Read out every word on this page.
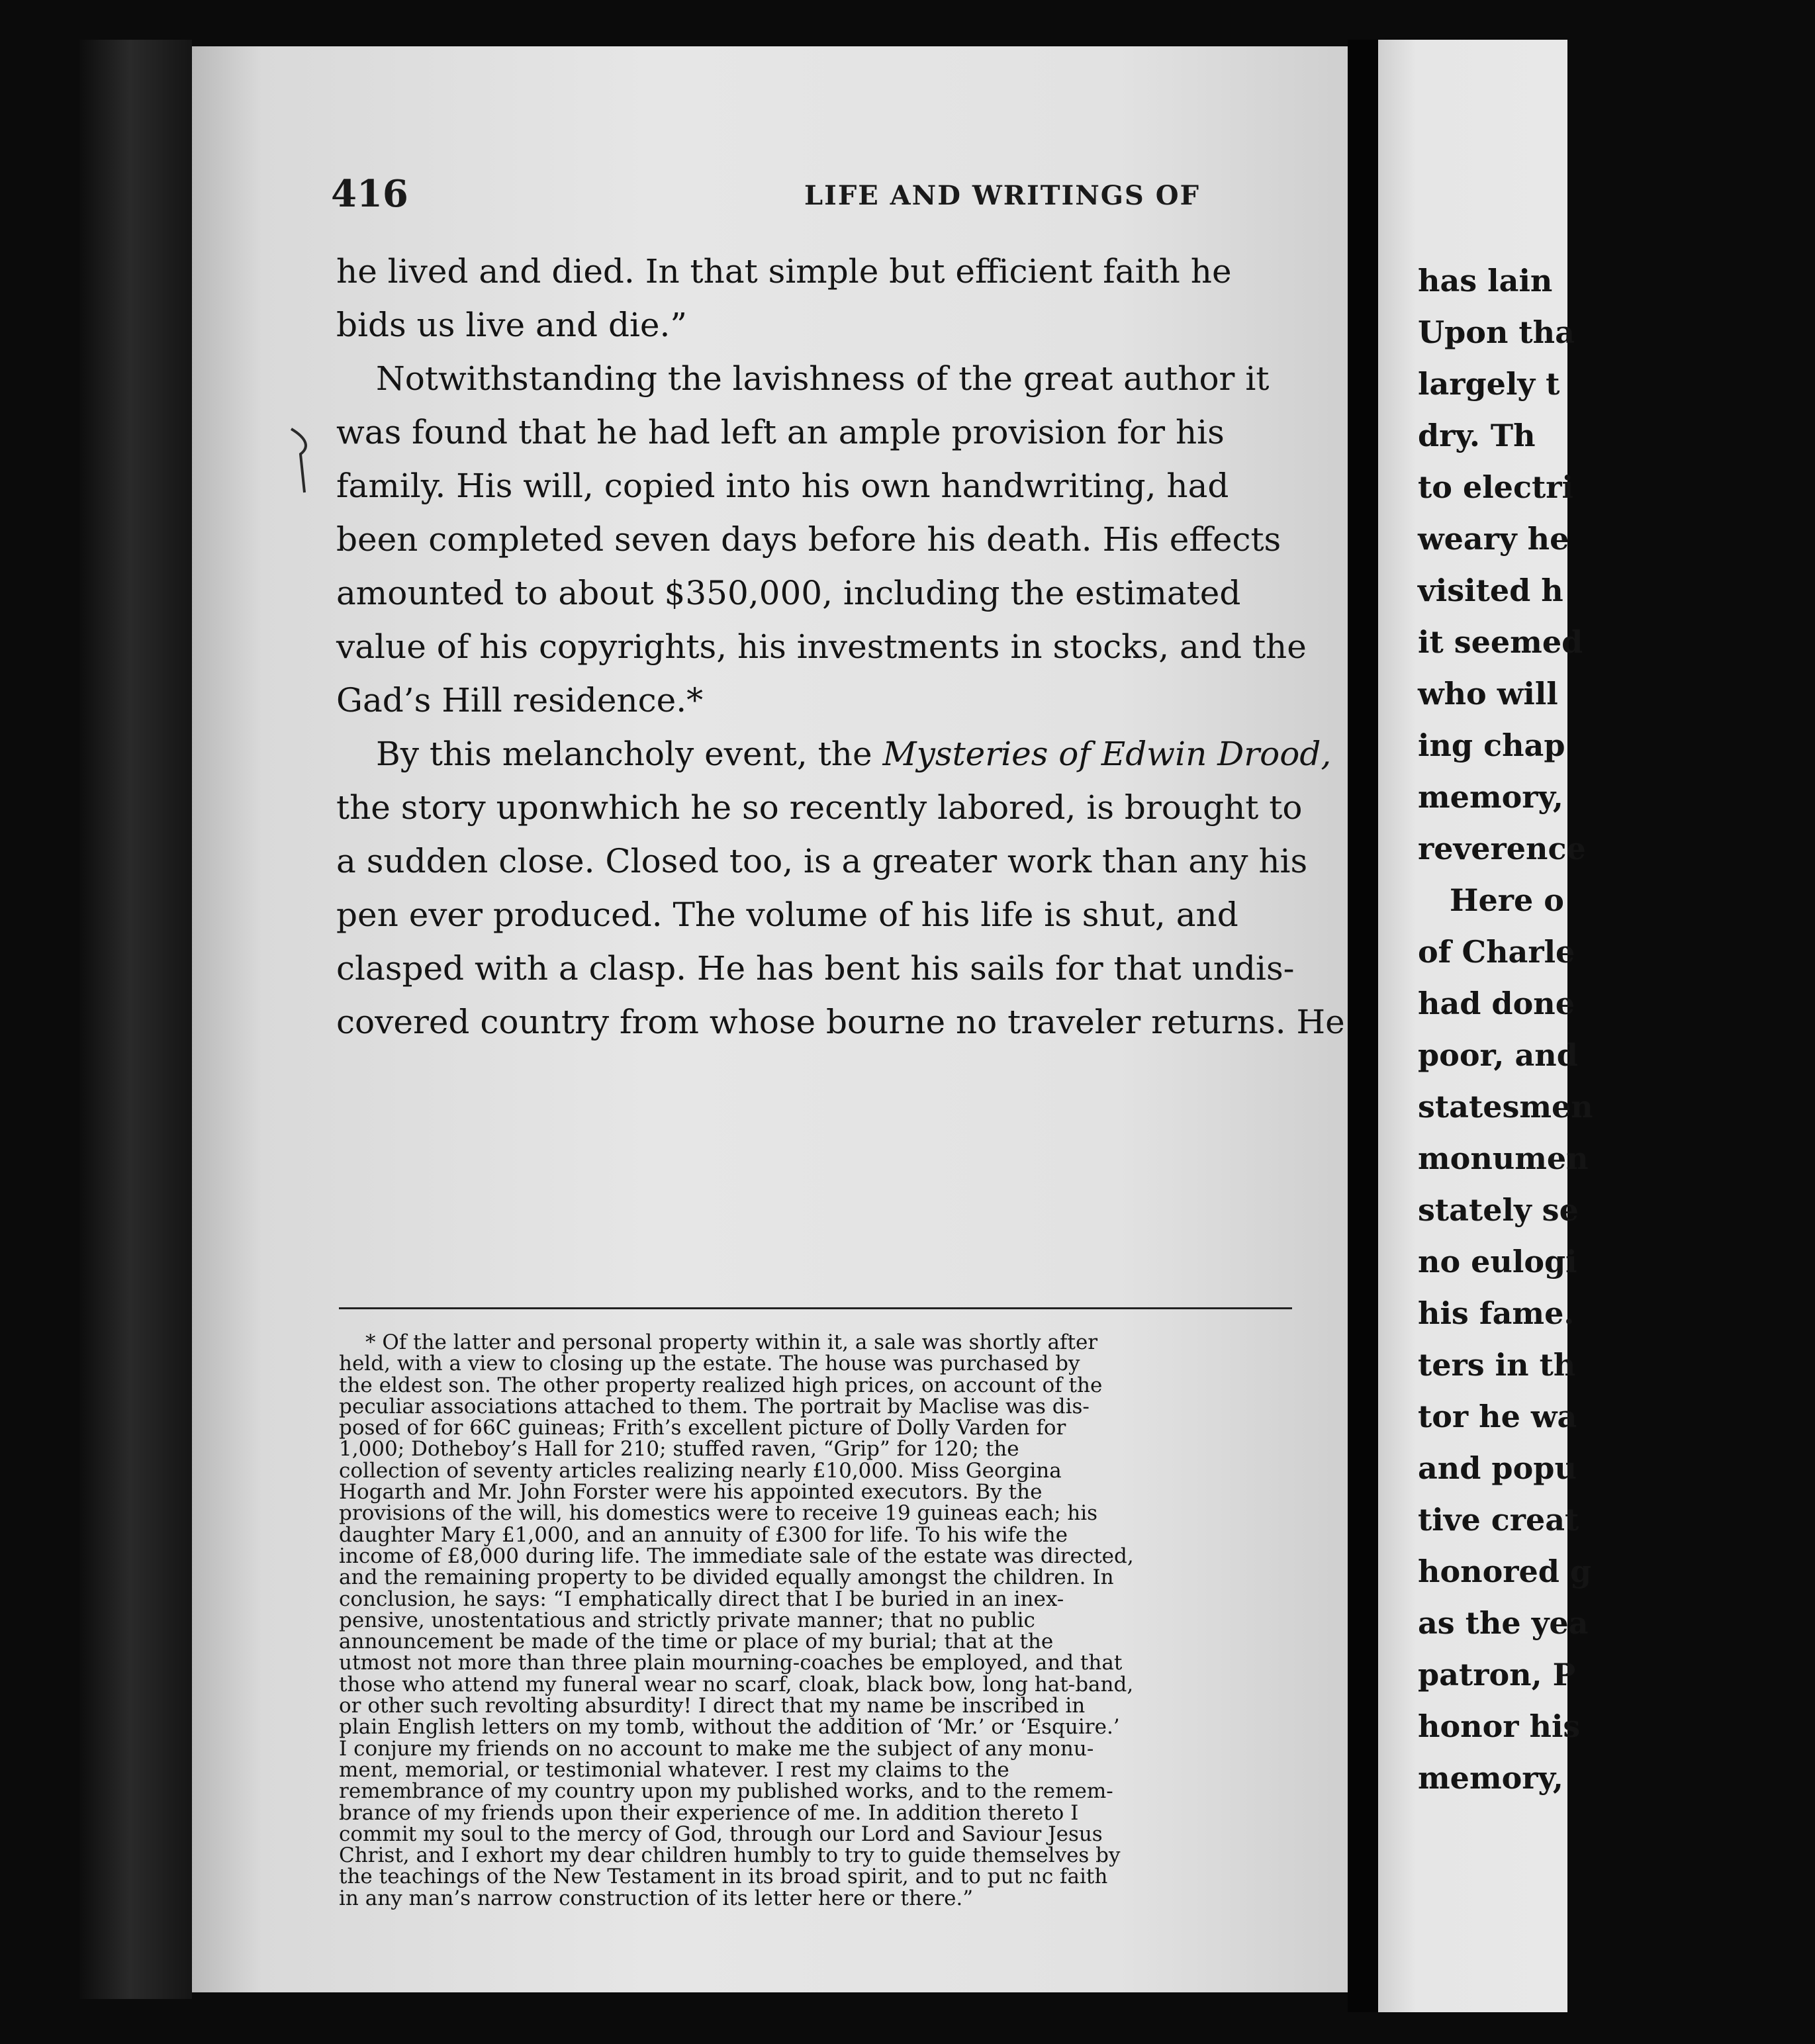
416	LIFE AND WRITINGS OF
he lived and died. In that simple but efficient faith he
bids us live and die.”
Notwithstanding the lavishness of the great author it
was found that he had left an ample provision for his
family. His will, copied into his own handwriting, had
been completed seven days before his death. His effects
amounted to about $350,000, including the estimated
value of his copyrights, his investments in stocks, and the
Gad’s Hill residence.*
By this melancholy event, the Mysteries of Edwin Drood,
the story uponwhich he so recently labored, is brought to
a sudden close. Closed too, is a greater work than any his
pen ever produced. The volume of his life is shut, and
clasped with a clasp. He has bent his sails for that undis-
covered country from whose bourne no traveler returns. He
* Of the latter and personal property within it, a sale was shortly after
held, with a view to closing up the estate. The house was purchased by
the eldest son. The other property realized high prices, on account of the
peculiar associations attached to them. The portrait by Maclise was dis-
posed of for 66C guineas; Frith’s excellent picture of Dolly Varden for
1,000; Dotheboy’s Hall for 210; stuffed raven, “Grip” for 120; the
collection of seventy articles realizing nearly £10,000. Miss Georgina
Hogarth and Mr. John Forster were his appointed executors. By the
provisions of the will, his domestics were to receive 19 guineas each; his
daughter Mary £1,000, and an annuity of £300 for life. To his wife the
income of £8,000 during life. The immediate sale of the estate was directed,
and the remaining property to be divided equally amongst the children. In
conclusion, he says: “I emphatically direct that I be buried in an inex-
pensive, unostentatious and strictly private manner; that no public
announcement be made of the time or place of my burial; that at the
utmost not more than three plain mourning-coaches be employed, and that
those who attend my funeral wear no scarf, cloak, black bow, long hat-band,
or other such revolting absurdity! I direct that my name be inscribed in
plain English letters on my tomb, without the addition of ‘Mr.’ or ‘Esquire.’
I conjure my friends on no account to make me the subject of any monu-
ment, memorial, or testimonial whatever. I rest my claims to the
remembrance of my country upon my published works, and to the remem-
brance of my friends upon their experience of me. In addition thereto I
commit my soul to the mercy of God, through our Lord and Saviour Jesus
Christ, and I exhort my dear children humbly to try to guide themselves by
the teachings of the New Testament in its broad spirit, and to put nc faith
in any man’s narrow construction of its letter here or there.”
has lain
Upon tha
largely t
dry. Th
to electri
weary he
visited h
it seemed
who will
ing chap
memory,
reverence
Here o
of Charle
had done
poor, and
statesmen
monumen
stately se
no eulogi
his fame.
ters in th
tor he wa
and popu
tive creat
honored g
as the yea
patron, P
honor his
memory,
